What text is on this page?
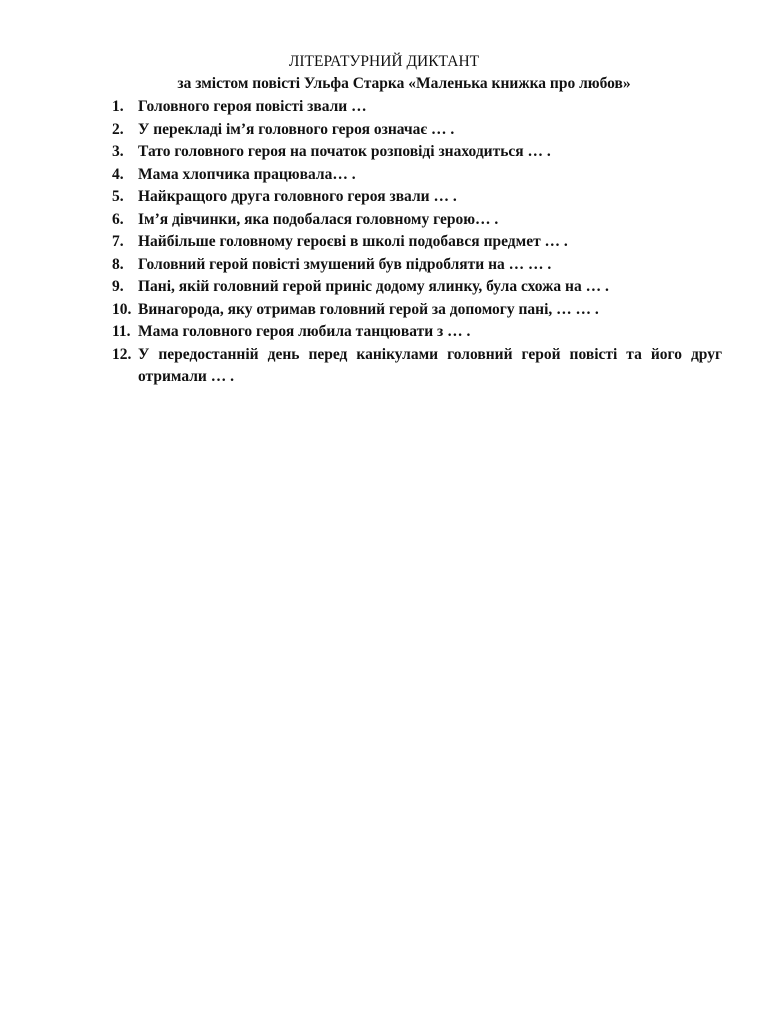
ЛІТЕРАТУРНИЙ ДИКТАНТ
за змістом повісті Ульфа Старка «Маленька книжка про любов»
1. Головного героя повісті звали …
2. У перекладі ім’я головного героя означає … .
3. Тато головного героя на початок розповіді знаходиться … .
4. Мама хлопчика працювала… .
5. Найкращого друга головного героя звали … .
6. Ім’я дівчинки, яка подобалася головному герою… .
7. Найбільше головному героєві в школі подобався предмет … .
8. Головний герой повісті змушений був підробляти на … … .
9. Пані, якій головний герой приніс додому ялинку, була схожа на … .
10. Винагорода, яку отримав головний герой за допомогу пані, … … .
11. Мама головного героя любила танцювати з … .
12. У передостанній день перед канікулами головний герой повісті та його друг отримали … .
